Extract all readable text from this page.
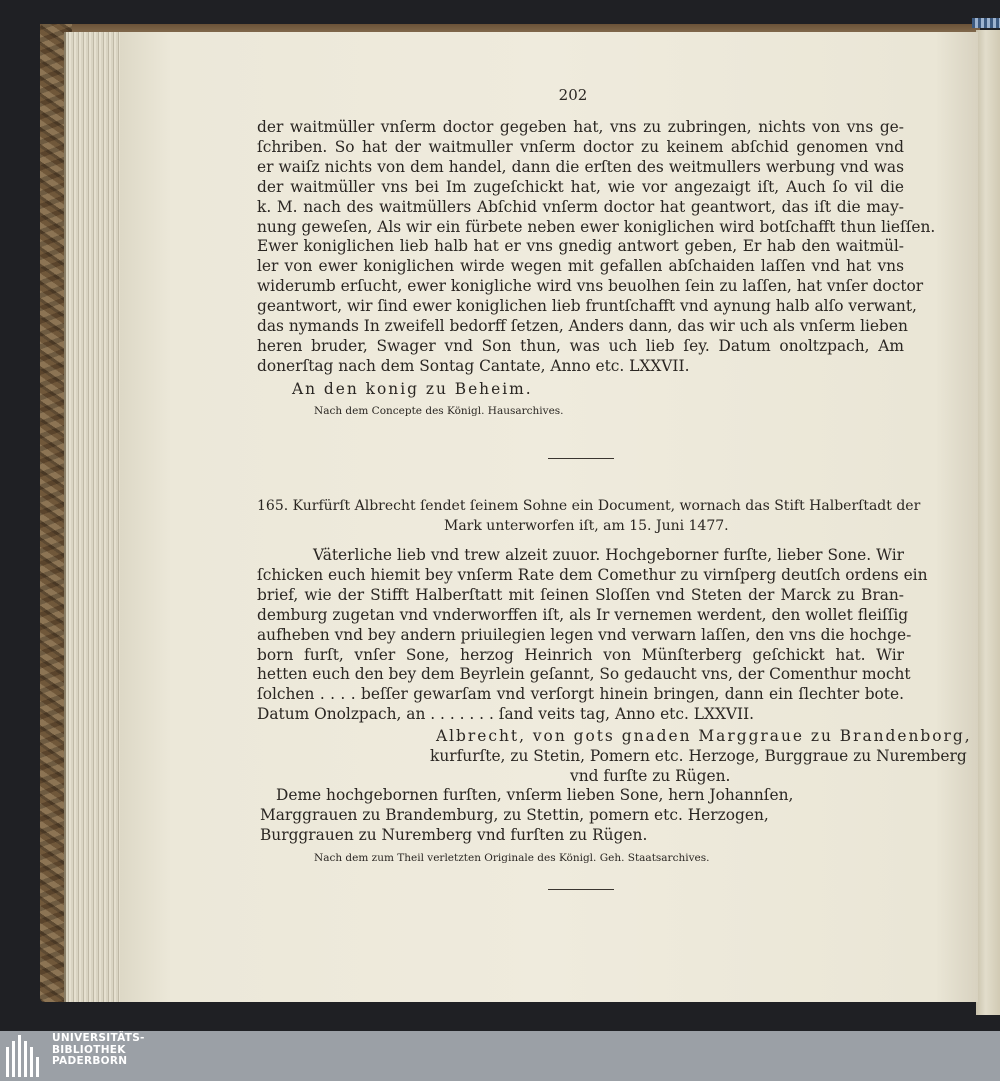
202
der waitmüller vnſerm doctor gegeben hat, vns zu zubringen, nichts von vns ge-
ſchriben. So hat der waitmuller vnſerm doctor zu keinem abſchid genomen vnd
er waiſz nichts von dem handel, dann die erſten des weitmullers werbung vnd was
der waitmüller vns bei Im zugeſchickt hat, wie vor angezaigt iſt, Auch ſo vil die
k. M. nach des waitmüllers Abſchid vnſerm doctor hat geantwort, das iſt die may-
nung geweſen, Als wir ein fürbete neben ewer koniglichen wird botſchafft thun lieſſen.
Ewer koniglichen lieb halb hat er vns gnedig antwort geben, Er hab den waitmül-
ler von ewer koniglichen wirde wegen mit gefallen abſchaiden laſſen vnd hat vns
widerumb erſucht, ewer konigliche wird vns beuolhen ſein zu laſſen, hat vnſer doctor
geantwort, wir ſind ewer koniglichen lieb fruntſchafft vnd aynung halb alſo verwant,
das nymands In zweifell bedorff ſetzen, Anders dann, das wir uch als vnſerm lieben
heren bruder, Swager vnd Son thun, was uch lieb ſey. Datum onoltzpach, Am
donerſtag nach dem Sontag Cantate, Anno etc. LXXVII.
An den konig zu Beheim.
Nach dem Concepte des Königl. Hausarchives.
165. Kurfürſt Albrecht ſendet ſeinem Sohne ein Document, wornach das Stift Halberſtadt der
Mark unterworfen iſt, am 15. Juni 1477.
Väterliche lieb vnd trew alzeit zuuor. Hochgeborner furſte, lieber Sone. Wir
ſchicken euch hiemit bey vnſerm Rate dem Comethur zu virnſperg deutſch ordens ein
brief, wie der Stifft Halberſtatt mit ſeinen Sloſſen vnd Steten der Marck zu Bran-
demburg zugetan vnd vnderworffen iſt, als Ir vernemen werdent, den wollet fleiſſig
aufheben vnd bey andern priuilegien legen vnd verwarn laſſen, den vns die hochge-
born furſt, vnſer Sone, herzog Heinrich von Münſterberg geſchickt hat. Wir
hetten euch den bey dem Beyrlein geſannt, So gedaucht vns, der Comenthur mocht
ſolchen . . . . beſſer gewarſam vnd verſorgt hinein bringen, dann ein ſlechter bote.
Datum Onolzpach, an . . . . . . . ſand veits tag, Anno etc. LXXVII.
Albrecht, von gots gnaden Marggraue zu Brandenborg,
kurfurſte, zu Stetin, Pomern etc. Herzoge, Burggraue zu Nuremberg
vnd furſte zu Rügen.
Deme hochgebornen furſten, vnſerm lieben Sone, hern Johannſen,
Marggrauen zu Brandemburg, zu Stettin, pomern etc. Herzogen,
Burggrauen zu Nuremberg vnd furſten zu Rügen.
Nach dem zum Theil verletzten Originale des Königl. Geh. Staatsarchives.
UNIVERSITÄTS-
BIBLIOTHEK
PADERBORN
